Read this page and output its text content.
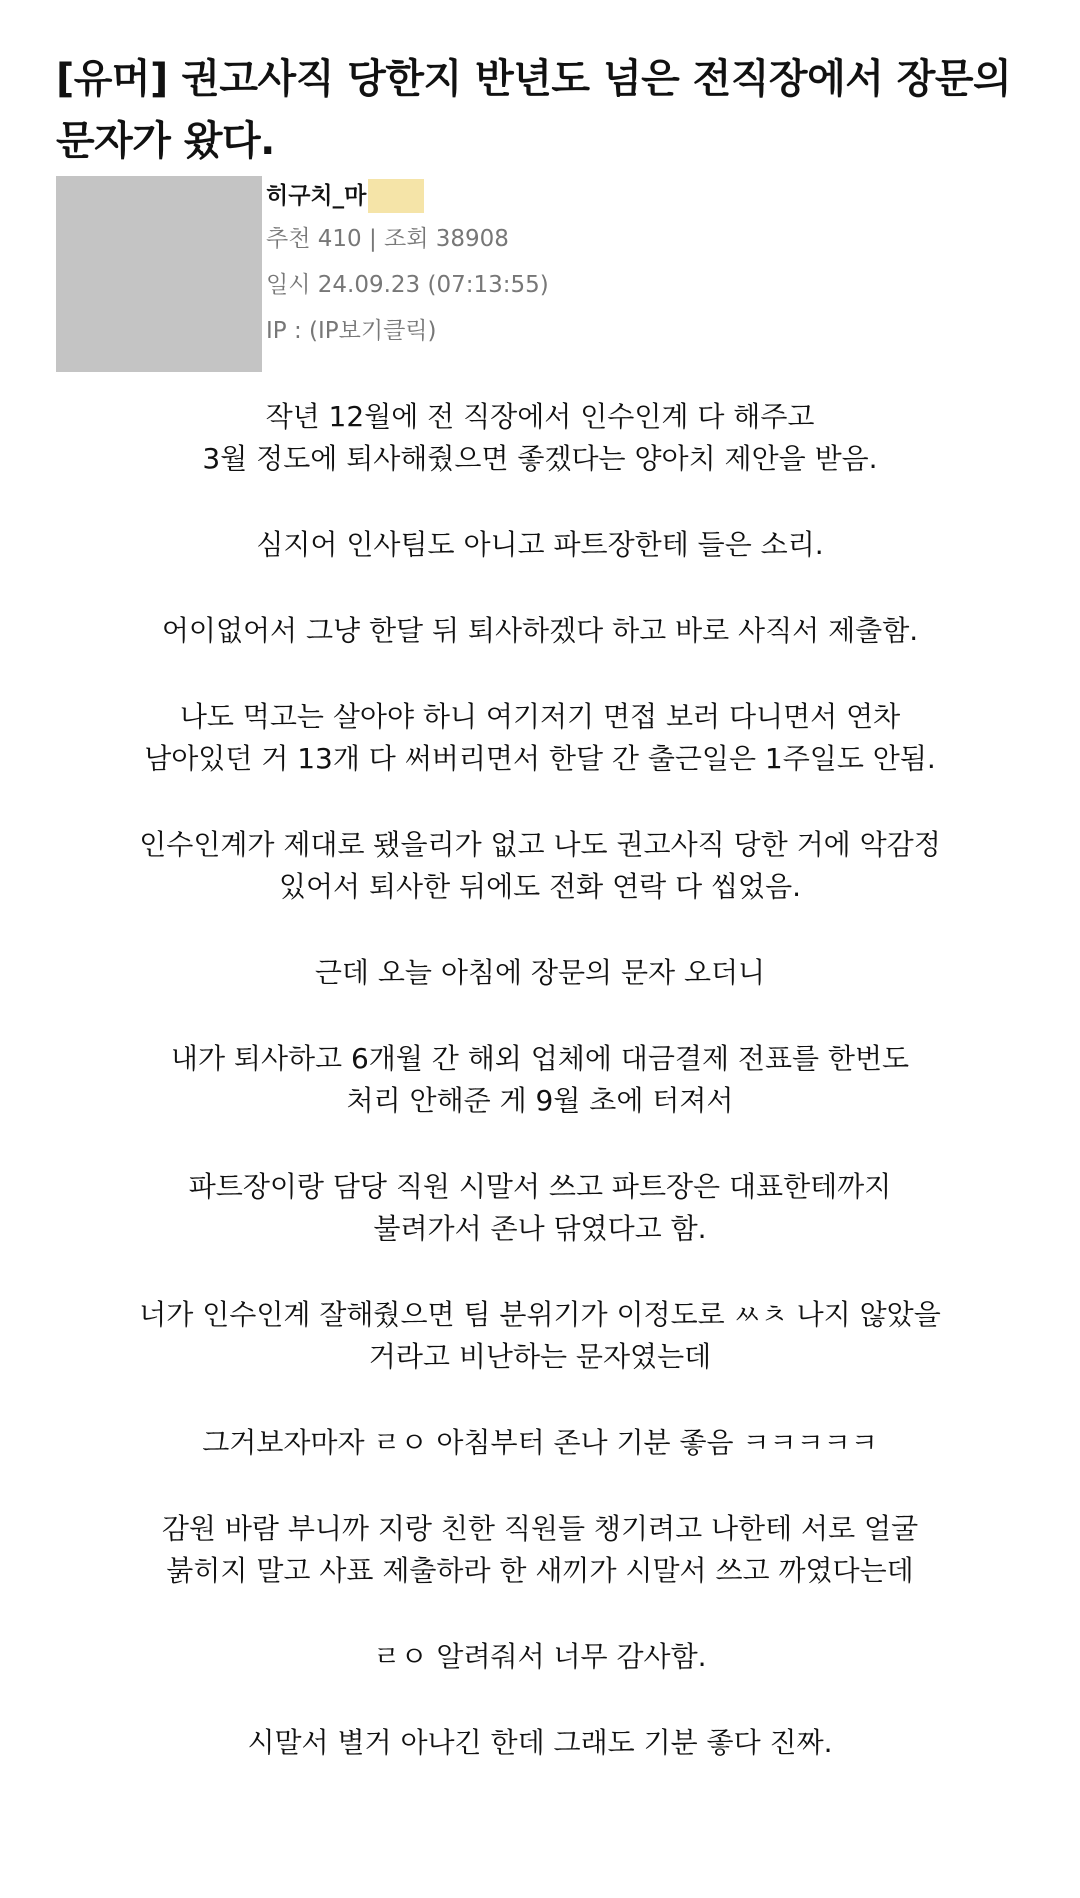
[유머] 권고사직 당한지 반년도 넘은 전직장에서 장문의 문자가 왔다.
히구치_마
추천 410 | 조회 38908
일시 24.09.23 (07:13:55)
IP : (IP보기클릭)

작년 12월에 전 직장에서 인수인계 다 해주고
3월 정도에 퇴사해줬으면 좋겠다는 양아치 제안을 받음.

심지어 인사팀도 아니고 파트장한테 들은 소리.

어이없어서 그냥 한달 뒤 퇴사하겠다 하고 바로 사직서 제출함.

나도 먹고는 살아야 하니 여기저기 면접 보러 다니면서 연차
남아있던 거 13개 다 써버리면서 한달 간 출근일은 1주일도 안됨.

인수인계가 제대로 됐을리가 없고 나도 권고사직 당한 거에 악감정
있어서 퇴사한 뒤에도 전화 연락 다 씹었음.

근데 오늘 아침에 장문의 문자 오더니

내가 퇴사하고 6개월 간 해외 업체에 대금결제 전표를 한번도
처리 안해준 게 9월 초에 터져서

파트장이랑 담당 직원 시말서 쓰고 파트장은 대표한테까지
불려가서 존나 닦였다고 함.

너가 인수인계 잘해줬으면 팀 분위기가 이정도로 ㅆㅊ 나지 않았을
거라고 비난하는 문자였는데

그거보자마자 ㄹㅇ 아침부터 존나 기분 좋음 ㅋㅋㅋㅋㅋ

감원 바람 부니까 지랑 친한 직원들 챙기려고 나한테 서로 얼굴
붉히지 말고 사표 제출하라 한 새끼가 시말서 쓰고 까였다는데

ㄹㅇ 알려줘서 너무 감사함.

시말서 별거 아나긴 한데 그래도 기분 좋다 진짜.
